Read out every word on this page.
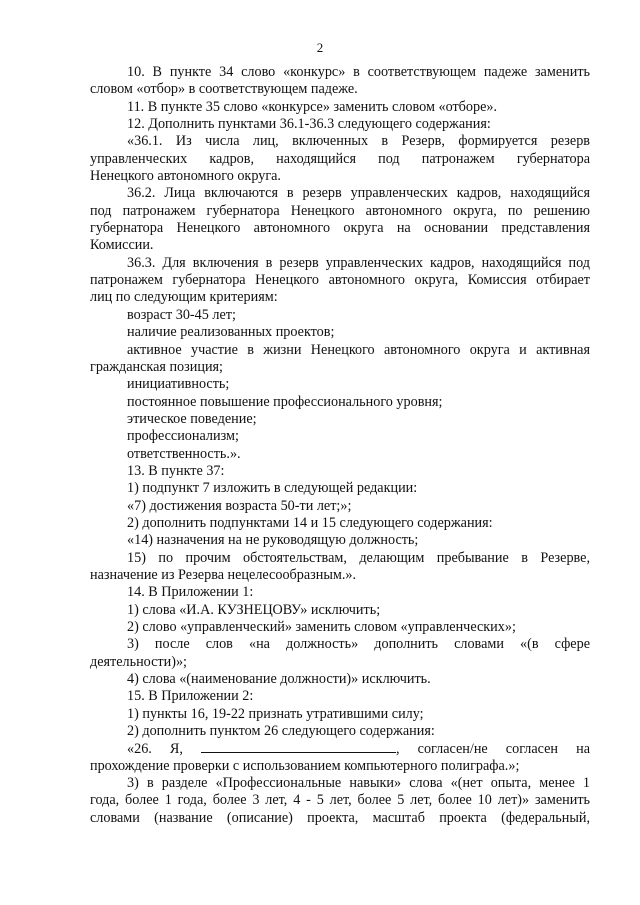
2
10. В пункте 34 слово «конкурс» в соответствующем падеже заменить
словом «отбор» в соответствующем падеже.
11. В пункте 35 слово «конкурсе» заменить словом «отборе».
12. Дополнить пунктами 36.1-36.3 следующего содержания:
«36.1. Из числа лиц, включенных в Резерв, формируется резерв
управленческих кадров, находящийся под патронажем губернатора
Ненецкого автономного округа.
36.2. Лица включаются в резерв управленческих кадров, находящийся
под патронажем губернатора Ненецкого автономного округа, по решению
губернатора Ненецкого автономного округа на основании представления
Комиссии.
36.3. Для включения в резерв управленческих кадров, находящийся под
патронажем губернатора Ненецкого автономного округа, Комиссия отбирает
лиц по следующим критериям:
возраст 30-45 лет;
наличие реализованных проектов;
активное участие в жизни Ненецкого автономного округа и активная
гражданская позиция;
инициативность;
постоянное повышение профессионального уровня;
этическое поведение;
профессионализм;
ответственность.».
13. В пункте 37:
1) подпункт 7 изложить в следующей редакции:
«7) достижения возраста 50-ти лет;»;
2) дополнить подпунктами 14 и 15 следующего содержания:
«14) назначения на не руководящую должность;
15) по прочим обстоятельствам, делающим пребывание в Резерве,
назначение из Резерва нецелесообразным.».
14. В Приложении 1:
1) слова «И.А. КУЗНЕЦОВУ» исключить;
2) слово «управленческий» заменить словом «управленческих»;
3) после слов «на должность» дополнить словами «(в сфере
деятельности)»;
4) слова «(наименование должности)» исключить.
15. В Приложении 2:
1) пункты 16, 19-22 признать утратившими силу;
2) дополнить пунктом 26 следующего содержания:
«26. Я,	, согласен/не согласен на
прохождение проверки с использованием компьютерного полиграфа.»;
3) в разделе «Профессиональные навыки» слова «(нет опыта, менее 1
года, более 1 года, более 3 лет, 4 - 5 лет, более 5 лет, более 10 лет)» заменить
словами (название (описание) проекта, масштаб проекта (федеральный,
